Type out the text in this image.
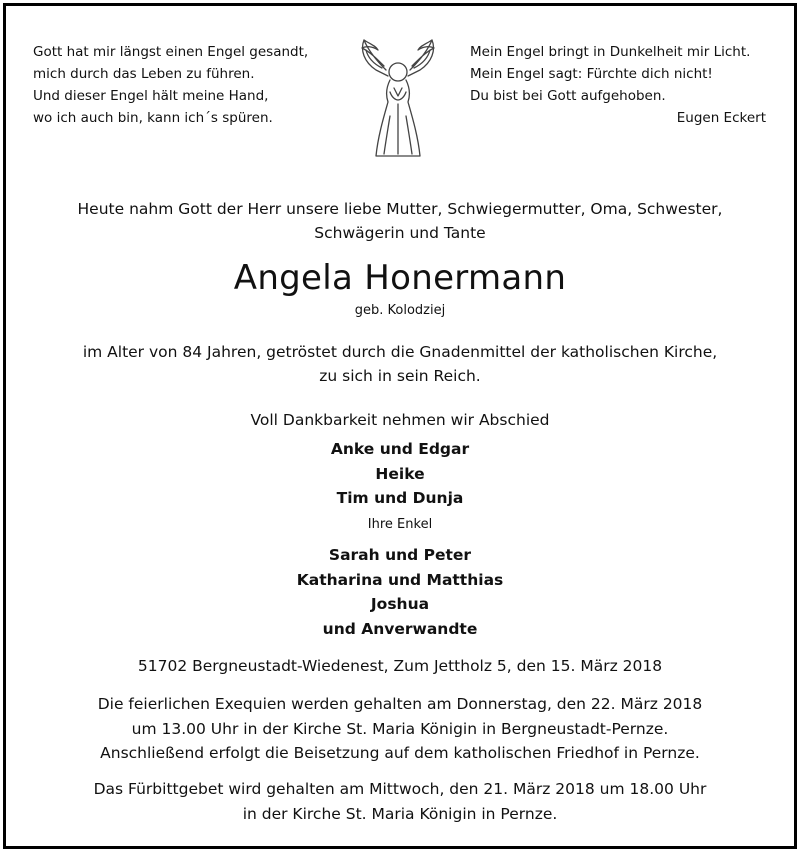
Gott hat mir längst einen Engel gesandt,
mich durch das Leben zu führen.
Und dieser Engel hält meine Hand,
wo ich auch bin, kann ich´s spüren.
Mein Engel bringt in Dunkelheit mir Licht.
Mein Engel sagt: Fürchte dich nicht!
Du bist bei Gott aufgehoben.
Eugen Eckert
Heute nahm Gott der Herr unsere liebe Mutter, Schwiegermutter, Oma, Schwester,
Schwägerin und Tante
Angela Honermann
geb. Kolodziej
im Alter von 84 Jahren, getröstet durch die Gnadenmittel der katholischen Kirche,
zu sich in sein Reich.
Voll Dankbarkeit nehmen wir Abschied
Anke und Edgar
Heike
Tim und Dunja
Ihre Enkel
Sarah und Peter
Katharina und Matthias
Joshua
und Anverwandte
51702 Bergneustadt-Wiedenest, Zum Jettholz 5, den 15. März 2018
Die feierlichen Exequien werden gehalten am Donnerstag, den 22. März 2018
um 13.00 Uhr in der Kirche St. Maria Königin in Bergneustadt-Pernze.
Anschließend erfolgt die Beisetzung auf dem katholischen Friedhof in Pernze.
Das Fürbittgebet wird gehalten am Mittwoch, den 21. März 2018 um 18.00 Uhr
in der Kirche St. Maria Königin in Pernze.
